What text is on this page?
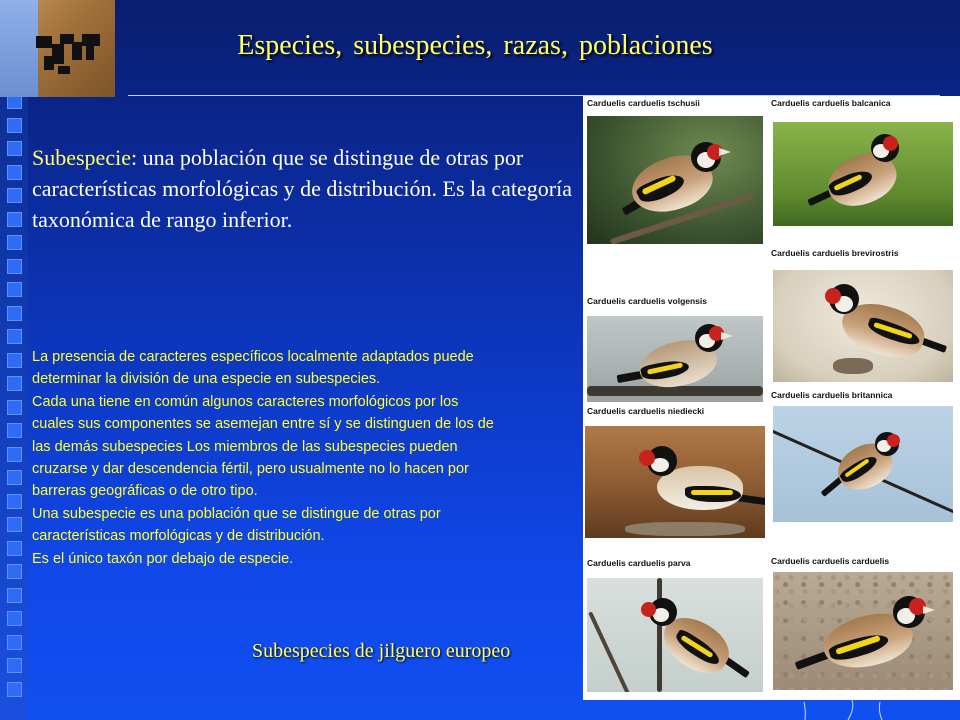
Especies, subespecies, razas, poblaciones
Subespecie: una población que se distingue de otras por características morfológicas y de distribución. Es la categoría taxonómica de rango inferior.
La presencia de caracteres específicos localmente adaptados puede
determinar la división de una especie en subespecies.
Cada una tiene en común algunos caracteres morfológicos por los
cuales sus componentes se asemejan entre sí y se distinguen de los de
las demás subespecies Los miembros de las subespecies pueden
cruzarse y dar descendencia fértil, pero usualmente no lo hacen por
barreras geográficas o de otro tipo.
Una subespecie es una población que se distingue de otras por
características morfológicas y de distribución.
Es el único taxón por debajo de especie.
Subespecies de jilguero europeo
Carduelis carduelis tschusii	Carduelis carduelis balcanica
Carduelis carduelis volgensis
Carduelis carduelis brevirostris
Carduelis carduelis niediecki
Carduelis carduelis britannica
Carduelis carduelis parva	Carduelis carduelis carduelis
